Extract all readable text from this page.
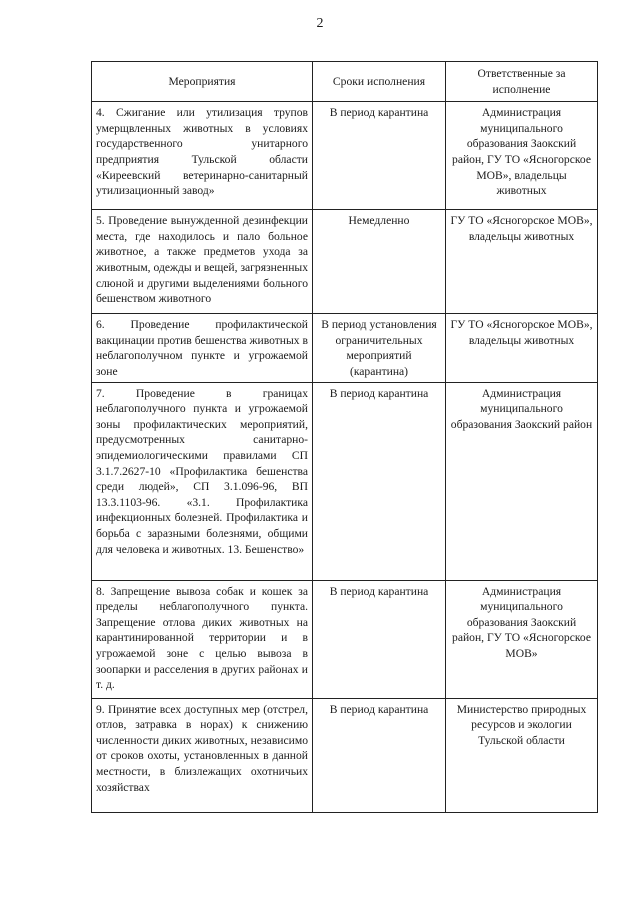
2
Мероприятия	Сроки исполнения	Ответственные за исполнение
4. Сжигание или утилизация трупов умерщвленных животных в условиях государственного унитарного предприятия Тульской области «Киреевский ветеринарно-санитарный утилизационный завод»	В период карантина	Администрация муниципального образования Заокский район, ГУ ТО «Ясногорское МОВ», владельцы животных
5. Проведение вынужденной дезинфекции места, где находилось и пало больное животное, а также предметов ухода за животным, одежды и вещей, загрязненных слюной и другими выделениями больного бешенством животного	Немедленно	ГУ ТО «Ясногорское МОВ», владельцы животных
6. Проведение профилактической вакцинации против бешенства животных в неблагополучном пункте и угрожаемой зоне	В период установления ограничительных мероприятий (карантина)	ГУ ТО «Ясногорское МОВ», владельцы животных
7. Проведение в границах неблагополучного пункта и угрожаемой зоны профилактических мероприятий, предусмотренных санитарно-эпидемиологическими правилами СП 3.1.7.2627-10 «Профилактика бешенства среди людей», СП 3.1.096-96, ВП 13.3.1103-96. «3.1. Профилактика инфекционных болезней. Профилактика и борьба с заразными болезнями, общими для человека и животных. 13. Бешенство»	В период карантина	Администрация муниципального образования Заокский район
8. Запрещение вывоза собак и кошек за пределы неблагополучного пункта. Запрещение отлова диких животных на карантинированной территории и в угрожаемой зоне с целью вывоза в зоопарки и расселения в других районах и т. д.	В период карантина	Администрация муниципального образования Заокский район, ГУ ТО «Ясногорское МОВ»
9. Принятие всех доступных мер (отстрел, отлов, затравка в норах) к снижению численности диких животных, независимо от сроков охоты, установленных в данной местности, в близлежащих охотничьих хозяйствах	В период карантина	Министерство природных ресурсов и экологии Тульской области
